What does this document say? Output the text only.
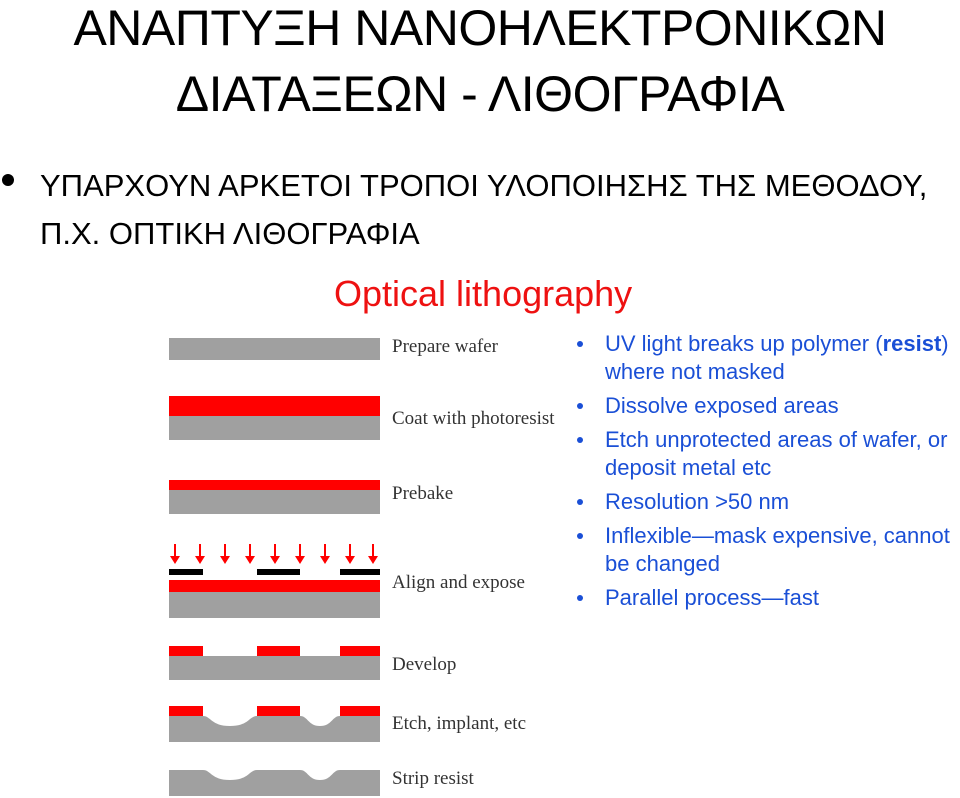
ΑΝΑΠΤΥΞΗ ΝΑΝΟΗΛΕΚΤΡΟΝΙΚΩΝ
ΔΙΑΤΑΞΕΩΝ - ΛΙΘΟΓΡΑΦΙΑ
ΥΠΑΡΧΟΥΝ ΑΡΚΕΤΟΙ ΤΡΟΠΟΙ ΥΛΟΠΟΙΗΣΗΣ ΤΗΣ ΜΕΘΟΔΟΥ,
Π.Χ. ΟΠΤΙΚΗ ΛΙΘΟΓΡΑΦΙΑ
Optical lithography
Prepare wafer
Coat with photoresist
Prebake
Align and expose
Develop
Etch, implant, etc
Strip resist
UV light breaks up polymer (resist) where not masked
Dissolve exposed areas
Etch unprotected areas of wafer, or deposit metal etc
Resolution >50 nm
Inflexible—mask expensive, cannot be changed
Parallel process—fast
